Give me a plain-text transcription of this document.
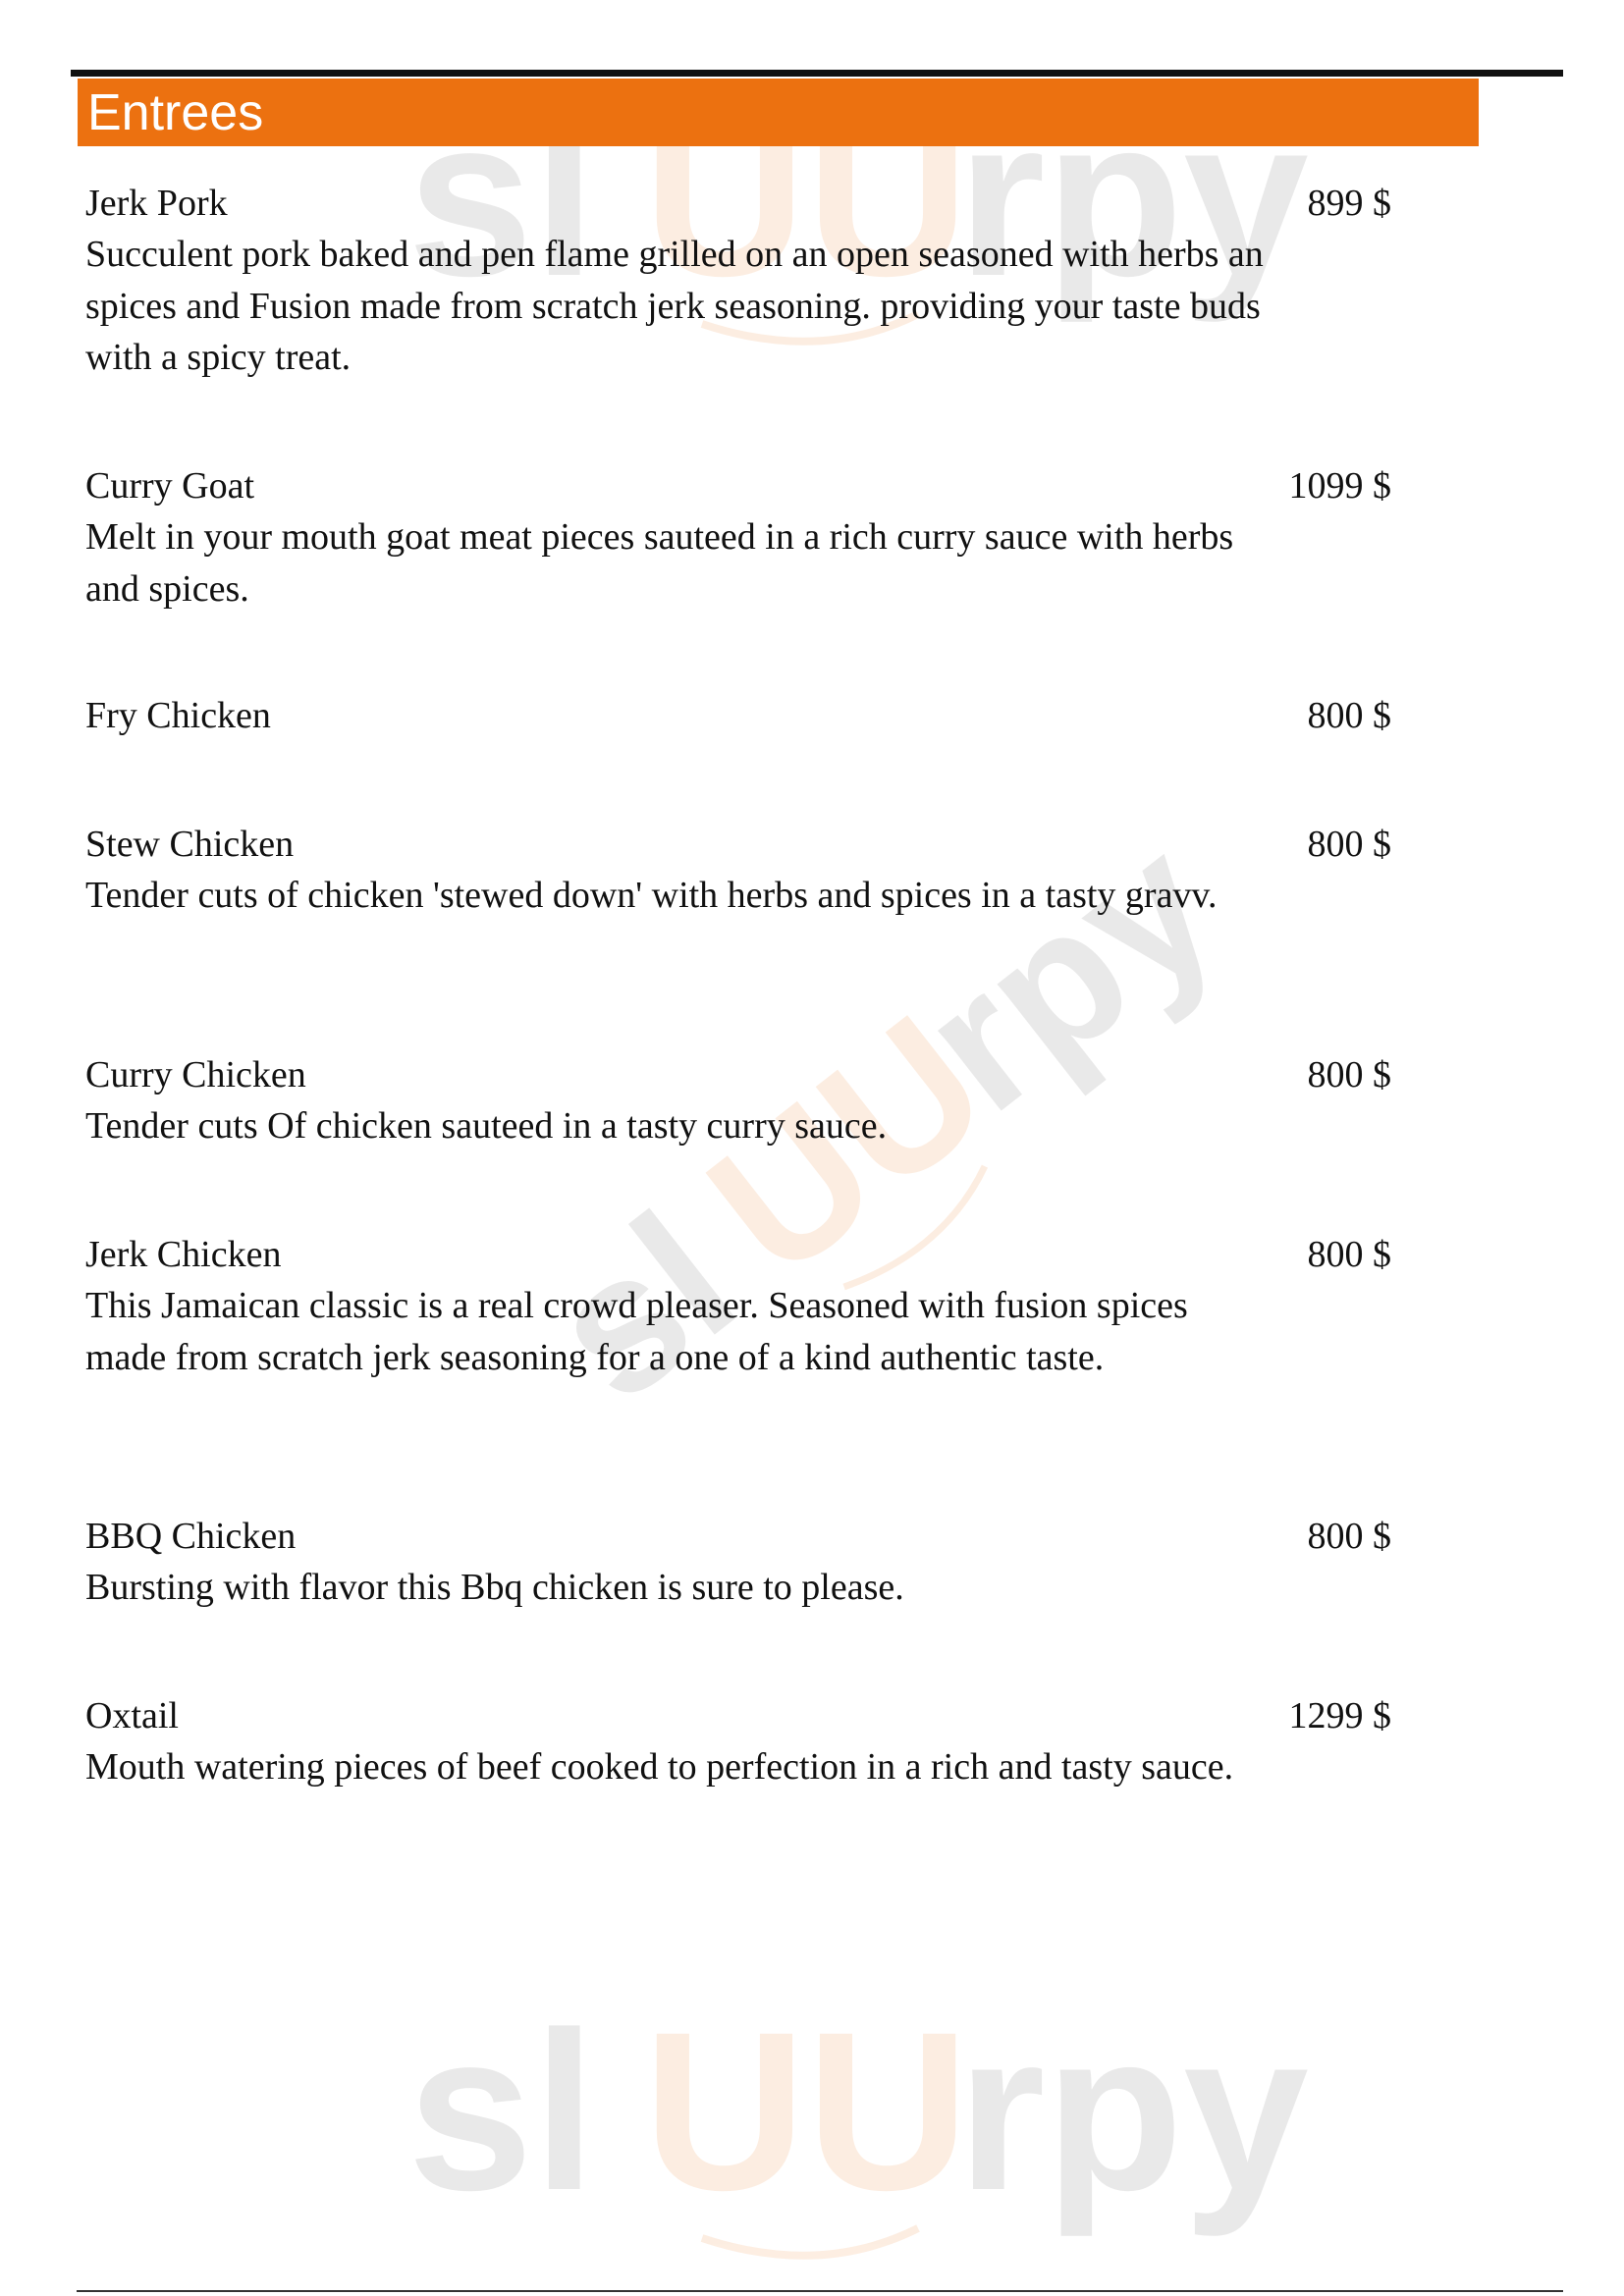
sl UU
rpy
sl
UU
rpy
sl UU
rpy
Entrees
Jerk Pork	899 $
Succulent pork baked and pen flame grilled on an open seasoned with herbs an spices and Fusion made from scratch jerk seasoning. providing your taste buds with a spicy treat.
Curry Goat	1099 $
Melt in your mouth goat meat pieces sauteed in a rich curry sauce with herbs and spices.
Fry Chicken	800 $
Stew Chicken	800 $
Tender cuts of chicken 'stewed down' with herbs and spices in a tasty gravv.
Curry Chicken	800 $
Tender cuts Of chicken sauteed in a tasty curry sauce.
Jerk Chicken	800 $
This Jamaican classic is a real crowd pleaser. Seasoned with fusion spices made from scratch jerk seasoning for a one of a kind authentic taste.
BBQ Chicken	800 $
Bursting with flavor this Bbq chicken is sure to please.
Oxtail	1299 $
Mouth watering pieces of beef cooked to perfection in a rich and tasty sauce.
